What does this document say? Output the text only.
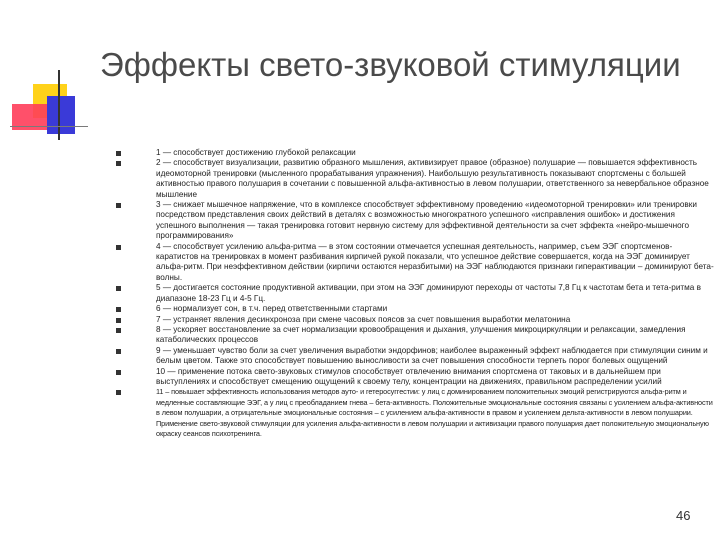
Эффекты свето-звуковой стимуляции
1 — способствует достижению глубокой релаксации
2 — способствует визуализации, развитию образного мышления, активизирует правое (образное) полушарие — повышается эффективность идеомоторной тренировки (мысленного прорабатывания упражнения). Наибольшую результативность показывают спортсмены с большей активностью правого полушария в сочетании с повышенной альфа-активностью в левом полушарии, ответственного за невербальное образное мышление
3 — снижает мышечное напряжение, что в комплексе способствует эффективному проведению «идеомоторной тренировки» или тренировки посредством представления своих действий в деталях с возможностью многократного успешного «исправления ошибок» и достижения успешного выполнения — такая тренировка готовит нервную систему для эффективной деятельности за счет эффекта «нейро-мышечного программирования»
4 — способствует усилению альфа-ритма — в этом состоянии отмечается успешная деятельность, например, съем ЭЭГ спортсменов-каратистов на тренировках в момент разбивания кирпичей рукой показали, что успешное действие совершается, когда на ЭЭГ доминирует альфа-ритм. При неэффективном действии (кирпичи остаются неразбитыми) на ЭЭГ наблюдаются признаки гиперактивации – доминируют бета-волны.
5 — достигается состояние продуктивной активации, при этом на ЭЭГ доминируют переходы от частоты 7,8 Гц к частотам бета и тета-ритма в диапазоне 18-23 Гц и 4-5 Гц.
6 — нормализует сон, в т.ч. перед ответственными стартами
7 — устраняет явления десинхроноза при смене часовых поясов за счет повышения выработки мелатонина
8 — ускоряет восстановление за счет нормализации кровообращения и дыхания, улучшения микроциркуляции и релаксации, замедления катаболических процессов
9 — уменьшает чувство боли за счет увеличения выработки эндорфинов; наиболее выраженный эффект наблюдается при стимуляции синим и белым цветом. Также это способствует повышению выносливости за счет повышения способности терпеть порог болевых ощущений
10 — применение потока свето-звуковых стимулов способствует отвлечению внимания спортсмена от таковых и в дальнейшем при выступлениях и способствует смещению ощущений к своему телу, концентрации на движениях, правильном распределении усилий
11 – повышает эффективность использования методов ауто- и гетеросуггестии: у лиц с доминированием положительных эмоций регистрируются альфа-ритм и медленные составляющие ЭЭГ, а у лиц с преобладанием гнева – бета-активность. Положительные эмоциональные состояния связаны с усилением альфа-активности в левом полушарии, а отрицательные эмоциональные состояния – с усилением альфа-активности в правом и усилением дельта-активности в левом полушарии. Применение свето-звуковой стимуляции для усиления альфа-активности в левом полушарии и активизации правого полушария дает положительную эмоциональную окраску сеансов психотренинга.
46
